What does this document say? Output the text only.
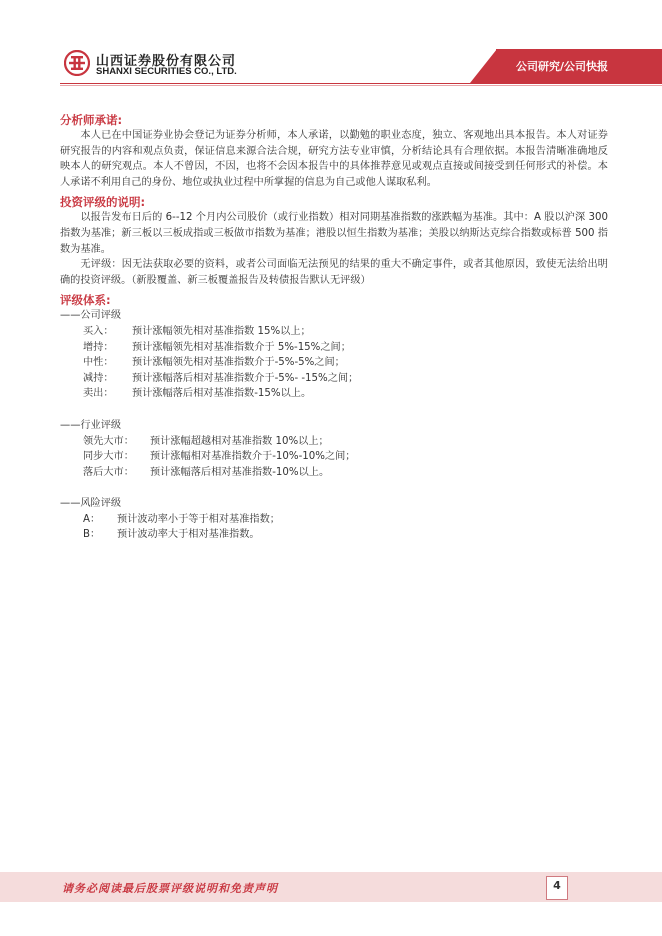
山西证券股份有限公司
SHANXI SECURITIES CO., LTD.	公司研究/公司快报

分析师承诺:

本人已在中国证券业协会登记为证券分析师，本人承诺，以勤勉的职业态度，独立、客观地出具本报告。本人对证券研究报告的内容和观点负责，保证信息来源合法合规，研究方法专业审慎，分析结论具有合理依据。本报告清晰准确地反映本人的研究观点。本人不曾因，不因，也将不会因本报告中的具体推荐意见或观点直接或间接受到任何形式的补偿。本人承诺不利用自己的身份、地位或执业过程中所掌握的信息为自己或他人谋取私利。

投资评级的说明:

以报告发布日后的 6--12 个月内公司股价（或行业指数）相对同期基准指数的涨跌幅为基准。其中：A 股以沪深 300 指数为基准；新三板以三板成指或三板做市指数为基准；港股以恒生指数为基准；美股以纳斯达克综合指数或标普 500 指数为基准。

无评级：因无法获取必要的资料，或者公司面临无法预见的结果的重大不确定事件，或者其他原因，致使无法给出明确的投资评级。（新股覆盖、新三板覆盖报告及转债报告默认无评级）

评级体系:

——公司评级

买入：	预计涨幅领先相对基准指数 15%以上；
增持：	预计涨幅领先相对基准指数介于 5%-15%之间；
中性：	预计涨幅领先相对基准指数介于-5%-5%之间；
减持：	预计涨幅落后相对基准指数介于-5%- -15%之间；
卖出：	预计涨幅落后相对基准指数-15%以上。

——行业评级

领先大市：	预计涨幅超越相对基准指数 10%以上；
同步大市：	预计涨幅相对基准指数介于-10%-10%之间；
落后大市：	预计涨幅落后相对基准指数-10%以上。

——风险评级

A：	预计波动率小于等于相对基准指数；
B：	预计波动率大于相对基准指数。
请务必阅读最后股票评级说明和免责声明	4
